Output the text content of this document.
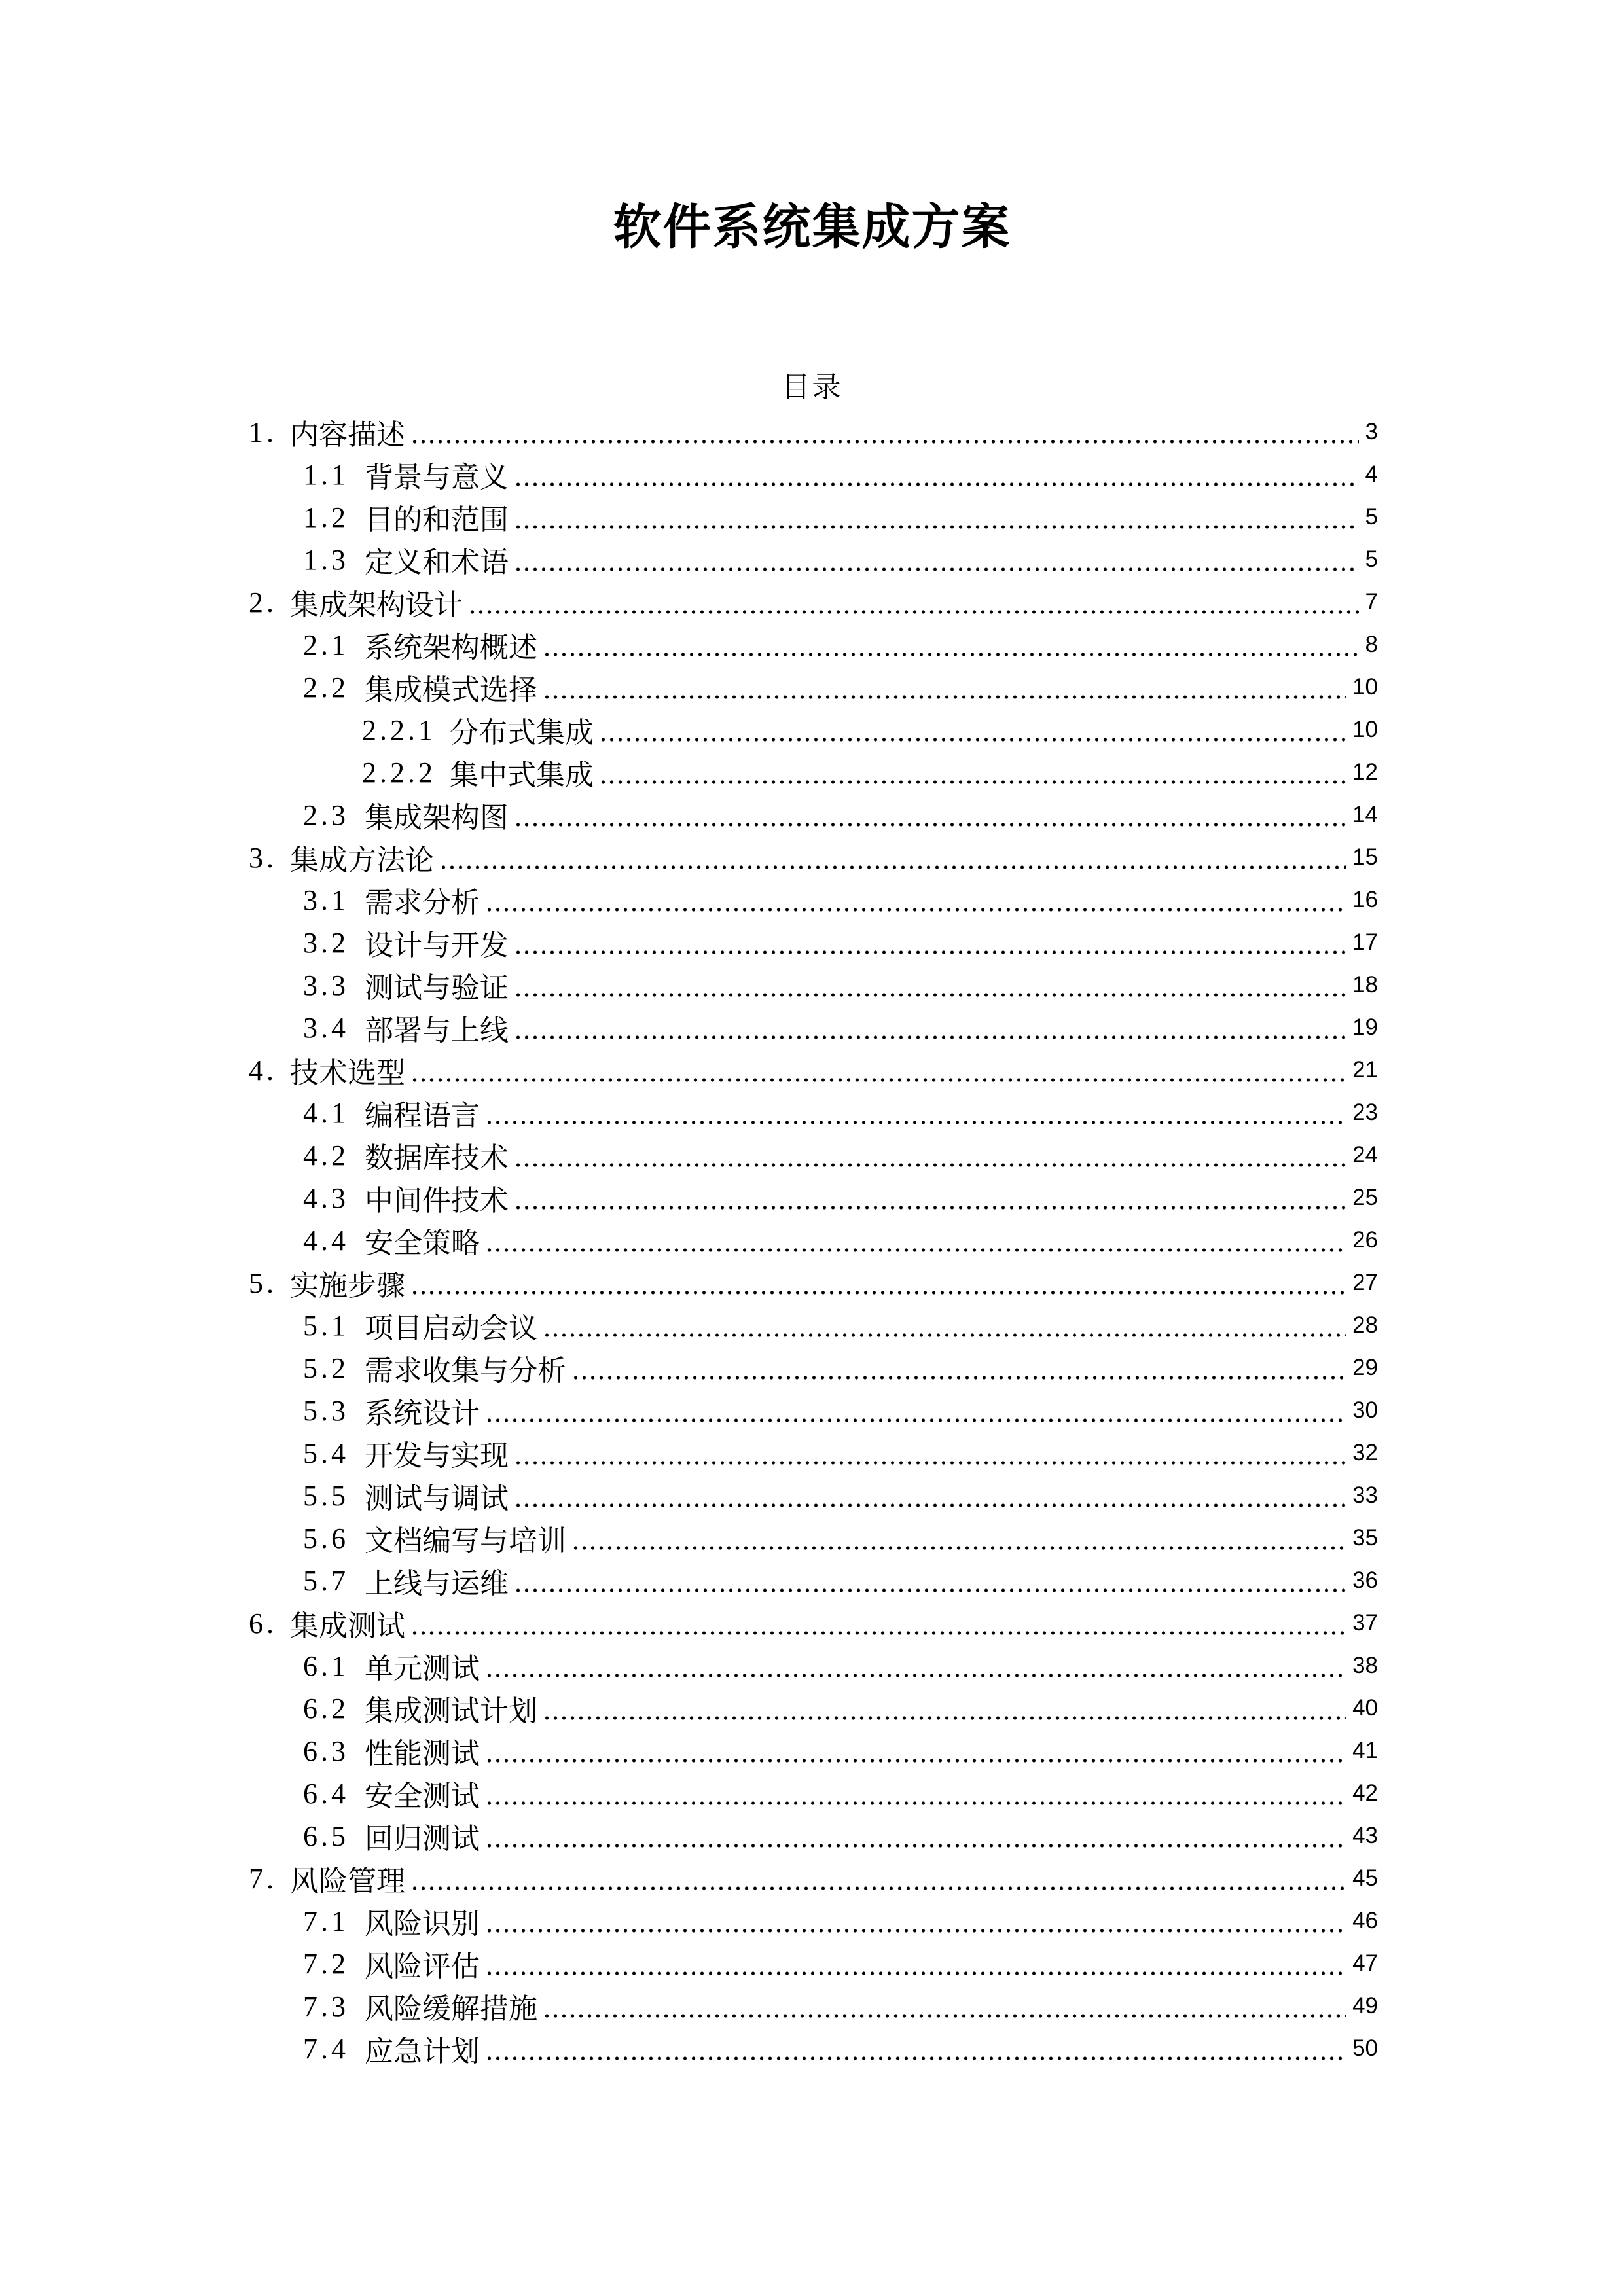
软件系统集成方案
目录
1. 内容描述	3
1.1 背景与意义	4
1.2 目的和范围	5
1.3 定义和术语	5
2. 集成架构设计	7
2.1 系统架构概述	8
2.2 集成模式选择	10
2.2.1 分布式集成	10
2.2.2 集中式集成	12
2.3 集成架构图	14
3. 集成方法论	15
3.1 需求分析	16
3.2 设计与开发	17
3.3 测试与验证	18
3.4 部署与上线	19
4. 技术选型	21
4.1 编程语言	23
4.2 数据库技术	24
4.3 中间件技术	25
4.4 安全策略	26
5. 实施步骤	27
5.1 项目启动会议	28
5.2 需求收集与分析	29
5.3 系统设计	30
5.4 开发与实现	32
5.5 测试与调试	33
5.6 文档编写与培训	35
5.7 上线与运维	36
6. 集成测试	37
6.1 单元测试	38
6.2 集成测试计划	40
6.3 性能测试	41
6.4 安全测试	42
6.5 回归测试	43
7. 风险管理	45
7.1 风险识别	46
7.2 风险评估	47
7.3 风险缓解措施	49
7.4 应急计划	50
